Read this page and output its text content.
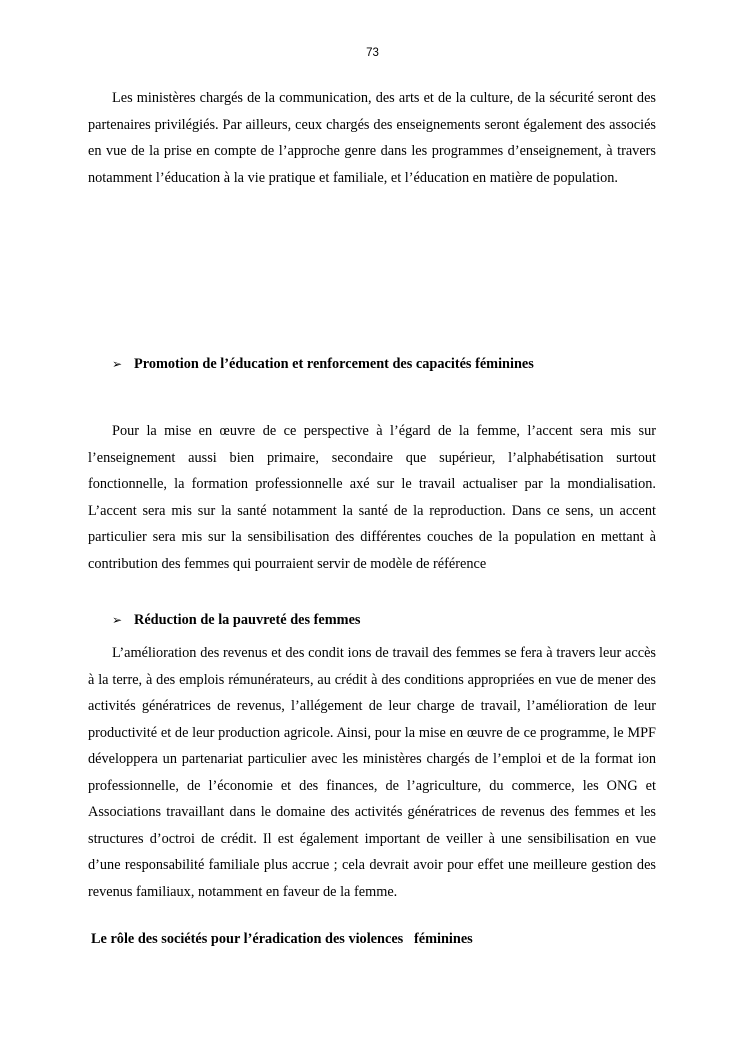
73

Les ministères chargés de la communication, des arts et de la culture, de la sécurité seront des partenaires privilégiés. Par ailleurs, ceux chargés des enseignements seront également des associés en vue de la prise en compte de l’approche genre dans les programmes d’enseignement, à travers notamment l’éducation à la vie pratique et familiale, et l’éducation en matière de population.

➢ Promotion de l’éducation et renforcement des capacités féminines

Pour la mise en œuvre de ce perspective à l’égard de la femme, l’accent sera mis sur l’enseignement aussi bien primaire, secondaire que supérieur, l’alphabétisation surtout fonctionnelle, la formation professionnelle axé sur le travail actualiser par la mondialisation. L’accent sera mis sur la santé notamment la santé de la reproduction. Dans ce sens, un accent particulier sera mis sur la sensibilisation des différentes couches de la population en mettant à contribution des femmes qui pourraient servir de modèle de référence

➢ Réduction de la pauvreté des femmes

L’amélioration des revenus et des condit ions de travail des femmes se fera à travers leur accès à la terre, à des emplois rémunérateurs, au crédit à des conditions appropriées en vue de mener des activités génératrices de revenus, l’allégement de leur charge de travail, l’amélioration de leur productivité et de leur production agricole. Ainsi, pour la mise en œuvre de ce programme, le MPF développera un partenariat particulier avec les ministères chargés de l’emploi et de la format ion professionnelle, de l’économie et des finances, de l’agriculture, du commerce, les ONG et Associations travaillant dans le domaine des activités génératrices de revenus des femmes et les structures d’octroi de crédit. Il est également important de veiller à une sensibilisation en vue d’une responsabilité familiale plus accrue ; cela devrait avoir pour effet une meilleure gestion des revenus familiaux, notamment en faveur de la femme.

Le rôle des sociétés pour l’éradication des violences   féminines
